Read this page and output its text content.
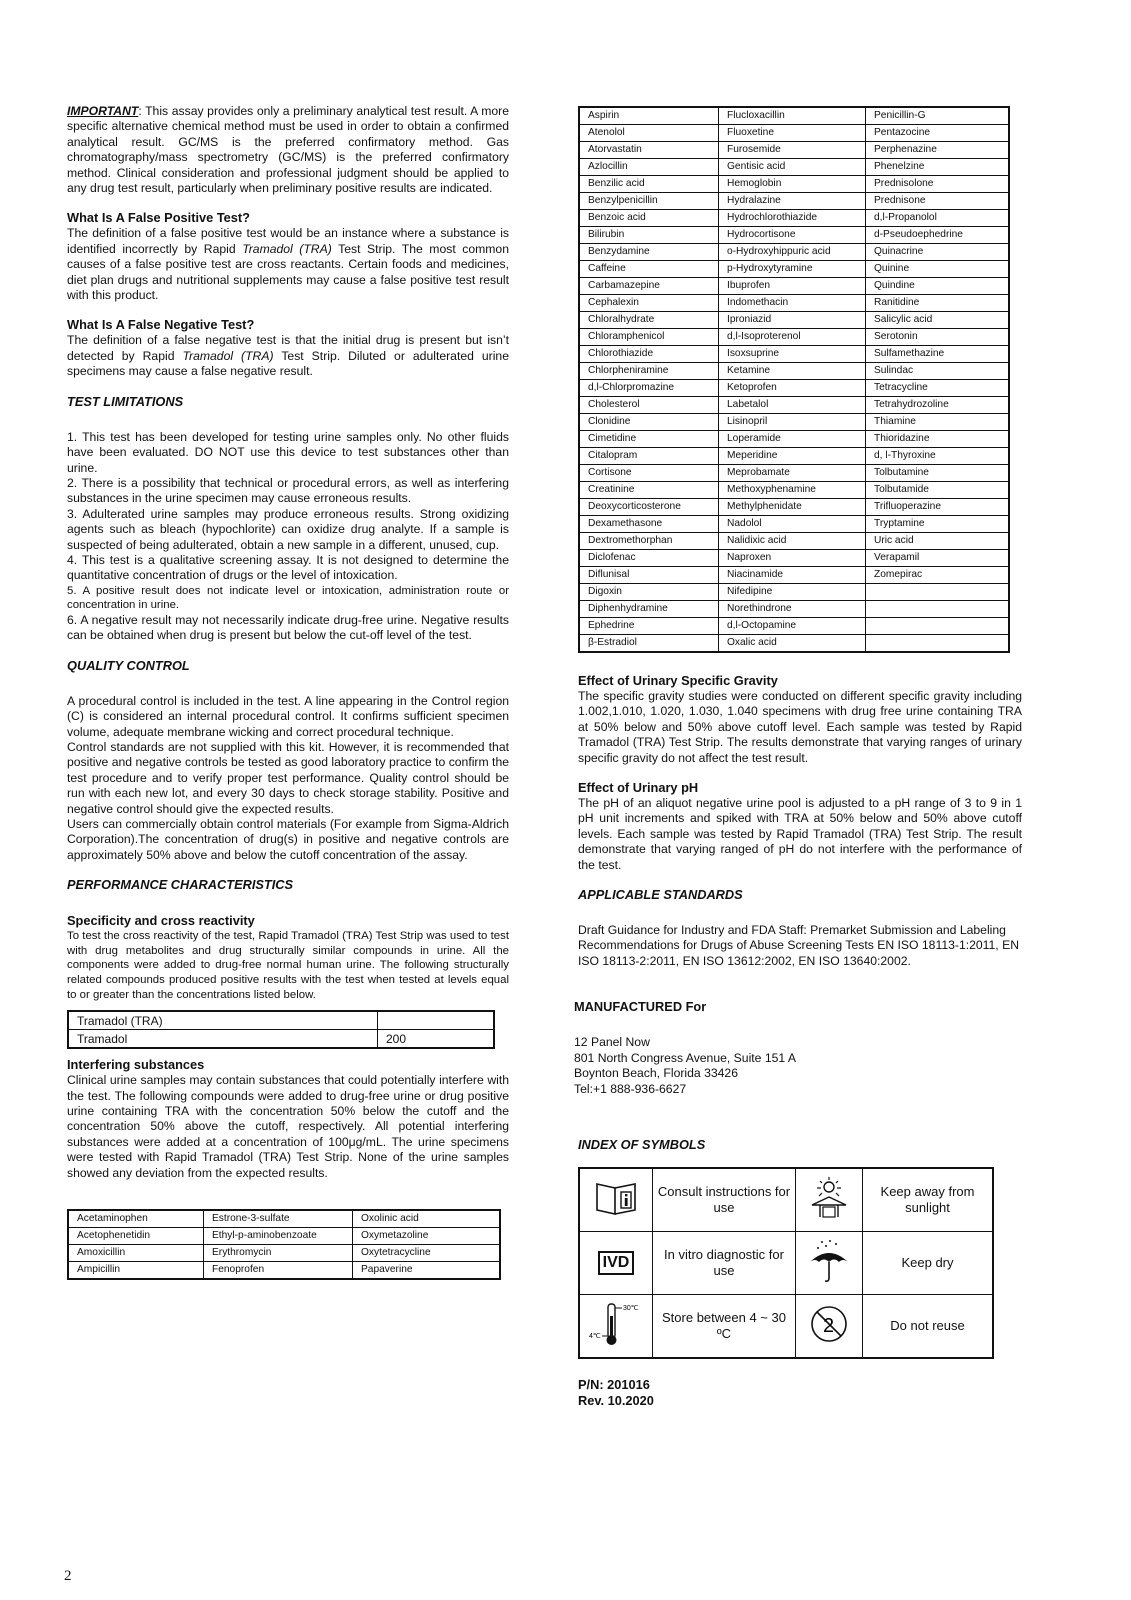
IMPORTANT: This assay provides only a preliminary analytical test result. A more specific alternative chemical method must be used in order to obtain a confirmed analytical result. GC/MS is the preferred confirmatory method. Gas chromatography/mass spectrometry (GC/MS) is the preferred confirmatory method. Clinical consideration and professional judgment should be applied to any drug test result, particularly when preliminary positive results are indicated.

What Is A False Positive Test?

The definition of a false positive test would be an instance where a substance is identified incorrectly by Rapid Tramadol (TRA) Test Strip. The most common causes of a false positive test are cross reactants. Certain foods and medicines, diet plan drugs and nutritional supplements may cause a false positive test result with this product.

What Is A False Negative Test?

The definition of a false negative test is that the initial drug is present but isn’t detected by Rapid Tramadol (TRA) Test Strip. Diluted or adulterated urine specimens may cause a false negative result.

TEST LIMITATIONS

1. This test has been developed for testing urine samples only. No other fluids have been evaluated. DO NOT use this device to test substances other than urine.

2. There is a possibility that technical or procedural errors, as well as interfering substances in the urine specimen may cause erroneous results.

3. Adulterated urine samples may produce erroneous results. Strong oxidizing agents such as bleach (hypochlorite) can oxidize drug analyte. If a sample is suspected of being adulterated, obtain a new sample in a different, unused, cup.

4. This test is a qualitative screening assay. It is not designed to determine the quantitative concentration of drugs or the level of intoxication.

5. A positive result does not indicate level or intoxication, administration route or concentration in urine.

6. A negative result may not necessarily indicate drug-free urine. Negative results can be obtained when drug is present but below the cut-off level of the test.

QUALITY CONTROL

A procedural control is included in the test. A line appearing in the Control region (C) is considered an internal procedural control. It confirms sufficient specimen volume, adequate membrane wicking and correct procedural technique.

Control standards are not supplied with this kit. However, it is recommended that positive and negative controls be tested as good laboratory practice to confirm the test procedure and to verify proper test performance. Quality control should be run with each new lot, and every 30 days to check storage stability. Positive and negative control should give the expected results.

Users can commercially obtain control materials (For example from Sigma-Aldrich Corporation).The concentration of drug(s) in positive and negative controls are approximately 50% above and below the cutoff concentration of the assay.

PERFORMANCE CHARACTERISTICS
Specificity and cross reactivity

To test the cross reactivity of the test, Rapid Tramadol (TRA) Test Strip was used to test with drug metabolites and drug structurally similar compounds in urine. All the components were added to drug-free normal human urine. The following structurally related compounds produced positive results with the test when tested at levels equal to or greater than the concentrations listed below.

Tramadol (TRA)	
Tramadol	200
Interfering substances

Clinical urine samples may contain substances that could potentially interfere with the test. The following compounds were added to drug-free urine or drug positive urine containing TRA with the concentration 50% below the cutoff and the concentration 50% above the cutoff, respectively. All potential interfering substances were added at a concentration of 100μg/mL. The urine specimens were tested with Rapid Tramadol (TRA) Test Strip. None of the urine samples showed any deviation from the expected results.

Acetaminophen	Estrone-3-sulfate	Oxolinic acid
Acetophenetidin	Ethyl-p-aminobenzoate	Oxymetazoline
Amoxicillin	Erythromycin	Oxytetracycline
Ampicillin	Fenoprofen	Papaverine
Aspirin	Flucloxacillin	Penicillin-G
Atenolol	Fluoxetine	Pentazocine
Atorvastatin	Furosemide	Perphenazine
Azlocillin	Gentisic acid	Phenelzine
Benzilic acid	Hemoglobin	Prednisolone
Benzylpenicillin	Hydralazine	Prednisone
Benzoic acid	Hydrochlorothiazide	d,l-Propanolol
Bilirubin	Hydrocortisone	d-Pseudoephedrine
Benzydamine	o-Hydroxyhippuric acid	Quinacrine
Caffeine	p-Hydroxytyramine	Quinine
Carbamazepine	Ibuprofen	Quindine
Cephalexin	Indomethacin	Ranitidine
Chloralhydrate	Iproniazid	Salicylic acid
Chloramphenicol	d,l-Isoproterenol	Serotonin
Chlorothiazide	Isoxsuprine	Sulfamethazine
Chlorpheniramine	Ketamine	Sulindac
d,l-Chlorpromazine	Ketoprofen	Tetracycline
Cholesterol	Labetalol	Tetrahydrozoline
Clonidine	Lisinopril	Thiamine
Cimetidine	Loperamide	Thioridazine
Citalopram	Meperidine	d, l-Thyroxine
Cortisone	Meprobamate	Tolbutamine
Creatinine	Methoxyphenamine	Tolbutamide
Deoxycorticosterone	Methylphenidate	Trifluoperazine
Dexamethasone	Nadolol	Tryptamine
Dextromethorphan	Nalidixic acid	Uric acid
Diclofenac	Naproxen	Verapamil
Diflunisal	Niacinamide	Zomepirac
Digoxin	Nifedipine	
Diphenhydramine	Norethindrone	
Ephedrine	d,l-Octopamine	
β-Estradiol	Oxalic acid	
Effect of Urinary Specific Gravity

The specific gravity studies were conducted on different specific gravity including 1.002,1.010, 1.020, 1.030, 1.040 specimens with drug free urine containing TRA at 50% below and 50% above cutoff level. Each sample was tested by Rapid Tramadol (TRA) Test Strip. The results demonstrate that varying ranges of urinary specific gravity do not affect the test result.

Effect of Urinary pH

The pH of an aliquot negative urine pool is adjusted to a pH range of 3 to 9 in 1 pH unit increments and spiked with TRA at 50% below and 50% above cutoff levels. Each sample was tested by Rapid Tramadol (TRA) Test Strip. The result demonstrate that varying ranged of pH do not interfere with the performance of the test.

APPLICABLE STANDARDS

Draft Guidance for Industry and FDA Staff: Premarket Submission and Labeling Recommendations for Drugs of Abuse Screening Tests EN ISO 18113-1:2011, EN ISO 18113-2:2011, EN ISO 13612:2002, EN ISO 13640:2002.

MANUFACTURED For

12 Panel Now

801 North Congress Avenue, Suite 151 A

Boynton Beach, Florida 33426

Tel:+1 888-936-6627

INDEX OF SYMBOLS
	Consult instructions for use		Keep away from sunlight
IVD	In vitro diagnostic for use		Keep dry

30℃
4℃	Store between 4 ~ 30 ºC	2	Do not reuse
P/N: 201016
Rev. 10.2020
2
